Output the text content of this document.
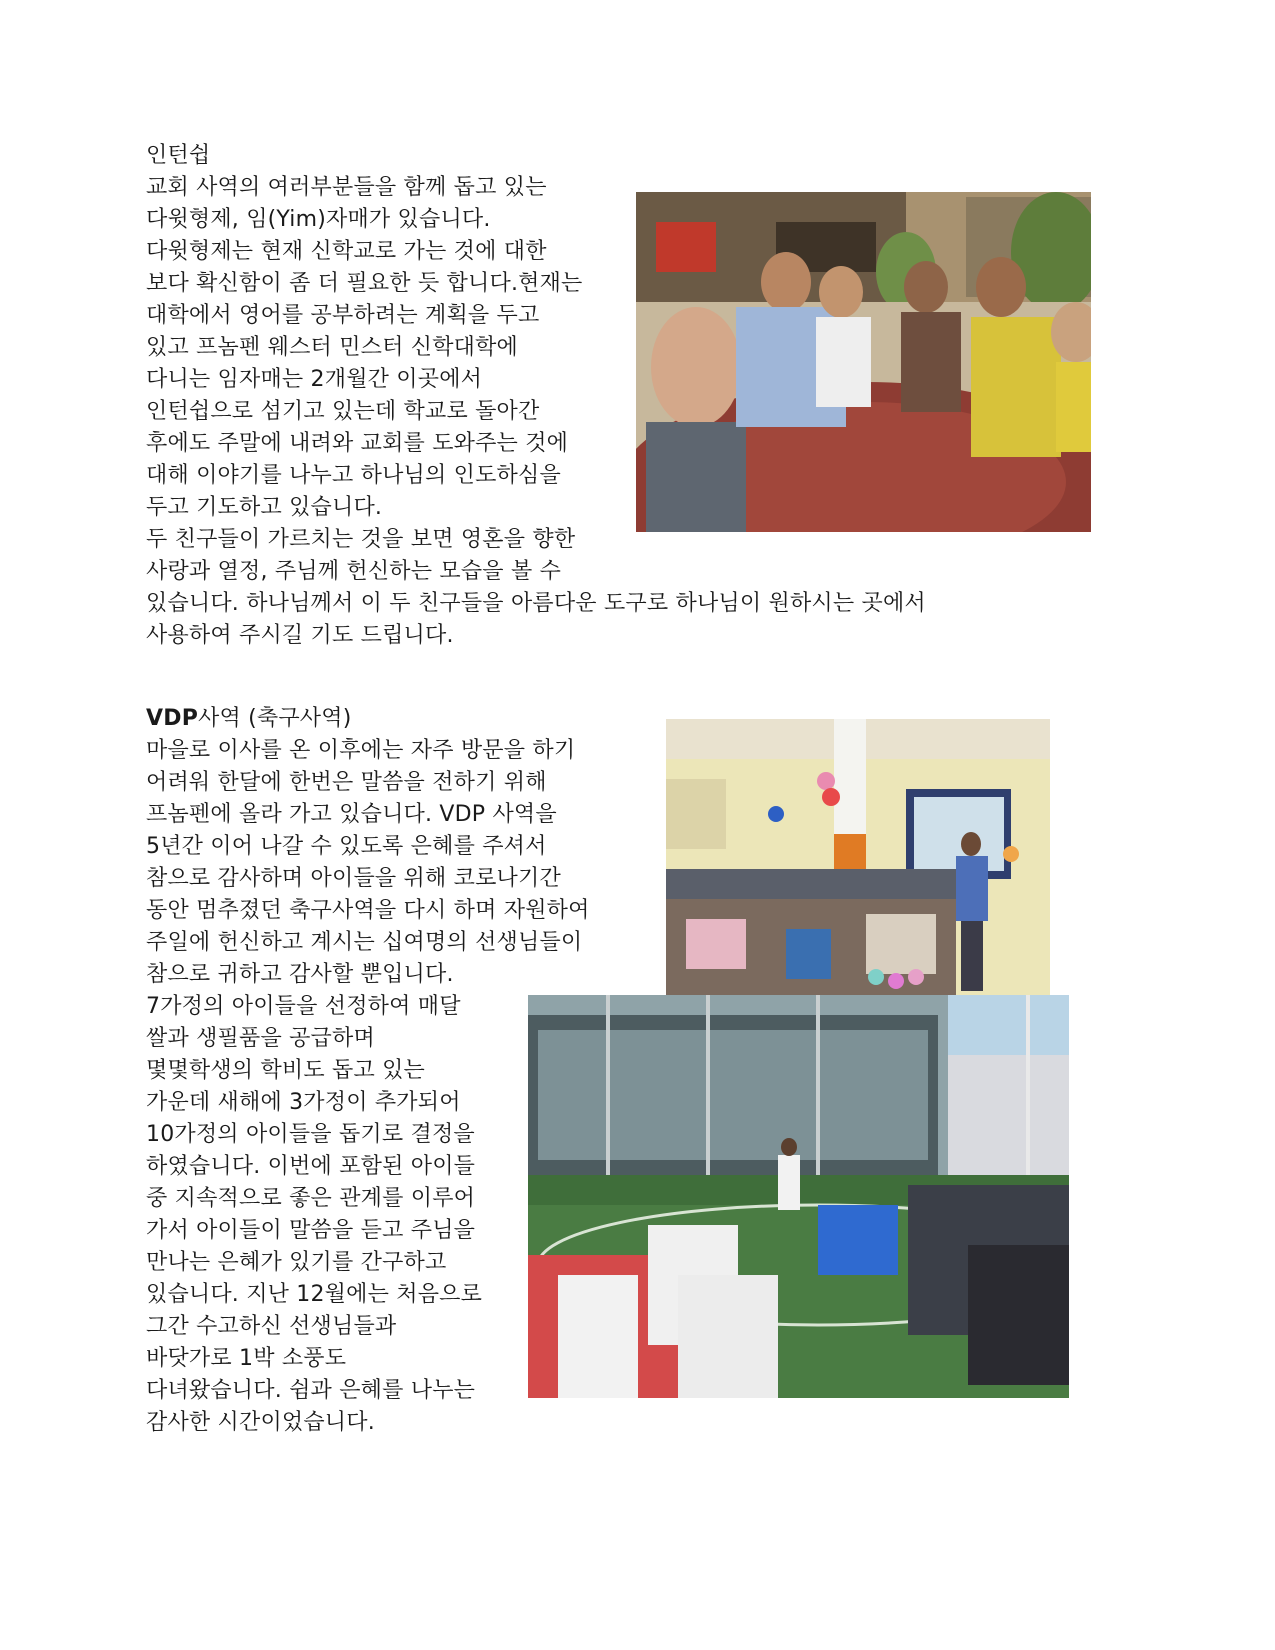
인턴쉽
교회 사역의 여러부분들을 함께 돕고 있는
다윗형제, 임(Yim)자매가 있습니다.
다윗형제는 현재 신학교로 가는 것에 대한
보다 확신함이 좀 더 필요한 듯 합니다.현재는
대학에서 영어를 공부하려는 계획을 두고
있고 프놈펜 웨스터 민스터 신학대학에
다니는 임자매는 2개월간 이곳에서
인턴쉽으로 섬기고 있는데 학교로 돌아간
후에도 주말에 내려와 교회를 도와주는 것에
대해 이야기를 나누고 하나님의 인도하심을
두고 기도하고 있습니다.
두 친구들이 가르치는 것을 보면 영혼을 향한
사랑과 열정, 주님께 헌신하는 모습을 볼 수
있습니다. 하나님께서 이 두 친구들을 아름다운 도구로 하나님이 원하시는 곳에서
사용하여 주시길 기도 드립니다.
VDP사역 (축구사역)
마을로 이사를 온 이후에는 자주 방문을 하기
어려워 한달에 한번은 말씀을 전하기 위해
프놈펜에 올라 가고 있습니다. VDP 사역을
5년간 이어 나갈 수 있도록 은혜를 주셔서
참으로 감사하며 아이들을 위해 코로나기간
동안 멈추졌던 축구사역을 다시 하며 자원하여
주일에 헌신하고 계시는 십여명의 선생님들이
참으로 귀하고 감사할 뿐입니다.
7가정의 아이들을 선정하여 매달
쌀과 생필품을 공급하며
몇몇학생의 학비도 돕고 있는
가운데 새해에 3가정이 추가되어
10가정의 아이들을 돕기로 결정을
하였습니다. 이번에 포함된 아이들
중 지속적으로 좋은 관계를 이루어
가서 아이들이 말씀을 듣고 주님을
만나는 은혜가 있기를 간구하고
있습니다. 지난 12월에는 처음으로
그간 수고하신 선생님들과
바닷가로 1박 소풍도
다녀왔습니다. 쉼과 은혜를 나누는
감사한 시간이었습니다.
